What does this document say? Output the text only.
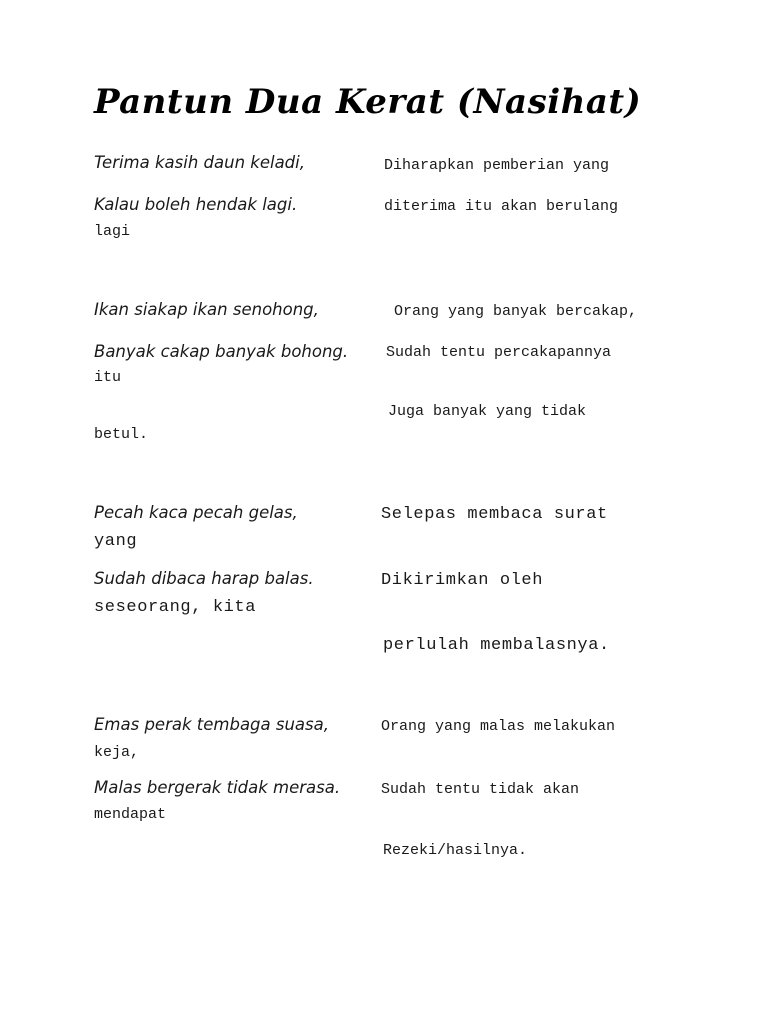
Pantun Dua Kerat (Nasihat)
Terima kasih daun keladi,	Diharapkan pemberian yang
Kalau boleh hendak lagi.	diterima itu akan berulang
lagi
Ikan siakap ikan senohong,	Orang yang banyak bercakap,
Banyak cakap banyak bohong.	Sudah tentu percakapannya
itu
Juga banyak yang tidak
betul.
Pecah kaca pecah gelas,	Selepas membaca surat
yang
Sudah dibaca harap balas.	Dikirimkan oleh
seseorang, kita
perlulah membalasnya.
Emas perak tembaga suasa,	Orang yang malas melakukan
keja,
Malas bergerak tidak merasa.	Sudah tentu tidak akan
mendapat
Rezeki/hasilnya.
